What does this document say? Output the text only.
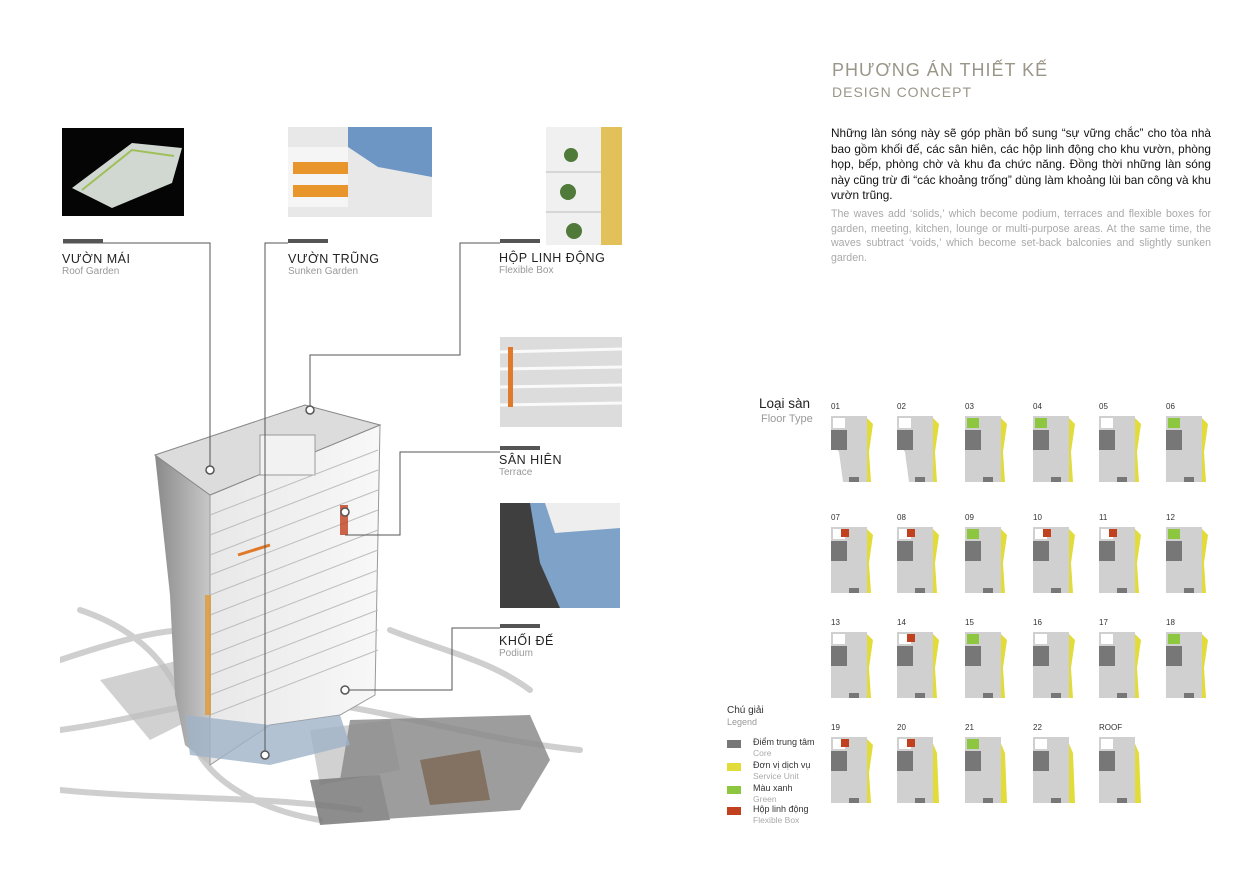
PHƯƠNG ÁN THIẾT KẾ
DESIGN CONCEPT
Những làn sóng này sẽ góp phần bổ sung “sự vững chắc” cho tòa nhà bao gồm khối đế, các sân hiên, các hộp linh động cho khu vườn, phòng họp, bếp, phòng chờ và khu đa chức năng. Đồng thời những làn sóng này cũng trừ đi “các khoảng trống” dùng làm khoảng lùi ban công và khu vườn trũng.
The waves add ‘solids,’ which become podium, terraces and flexible boxes for garden, meeting, kitchen, lounge or multi-purpose areas. At the same time, the waves subtract ‘voids,’ which become set-back balconies and slightly sunken garden.
VƯỜN MÁI
Roof Garden
VƯỜN TRŨNG
Sunken Garden
HỘP LINH ĐỘNG
Flexible Box
SÂN HIÊN
Terrace
KHỐI ĐẾ
Podium
Loại sàn
Floor Type
01	02	03	04	05	06
07	08	09	10	11	12
13	14	15	16	17	18
19	20	21	22	ROOF
Chú giải
Legend
Điểm trung tâm
Core
Đơn vị dịch vụ
Service Unit
Màu xanh
Green
Hộp linh động
Flexible Box
